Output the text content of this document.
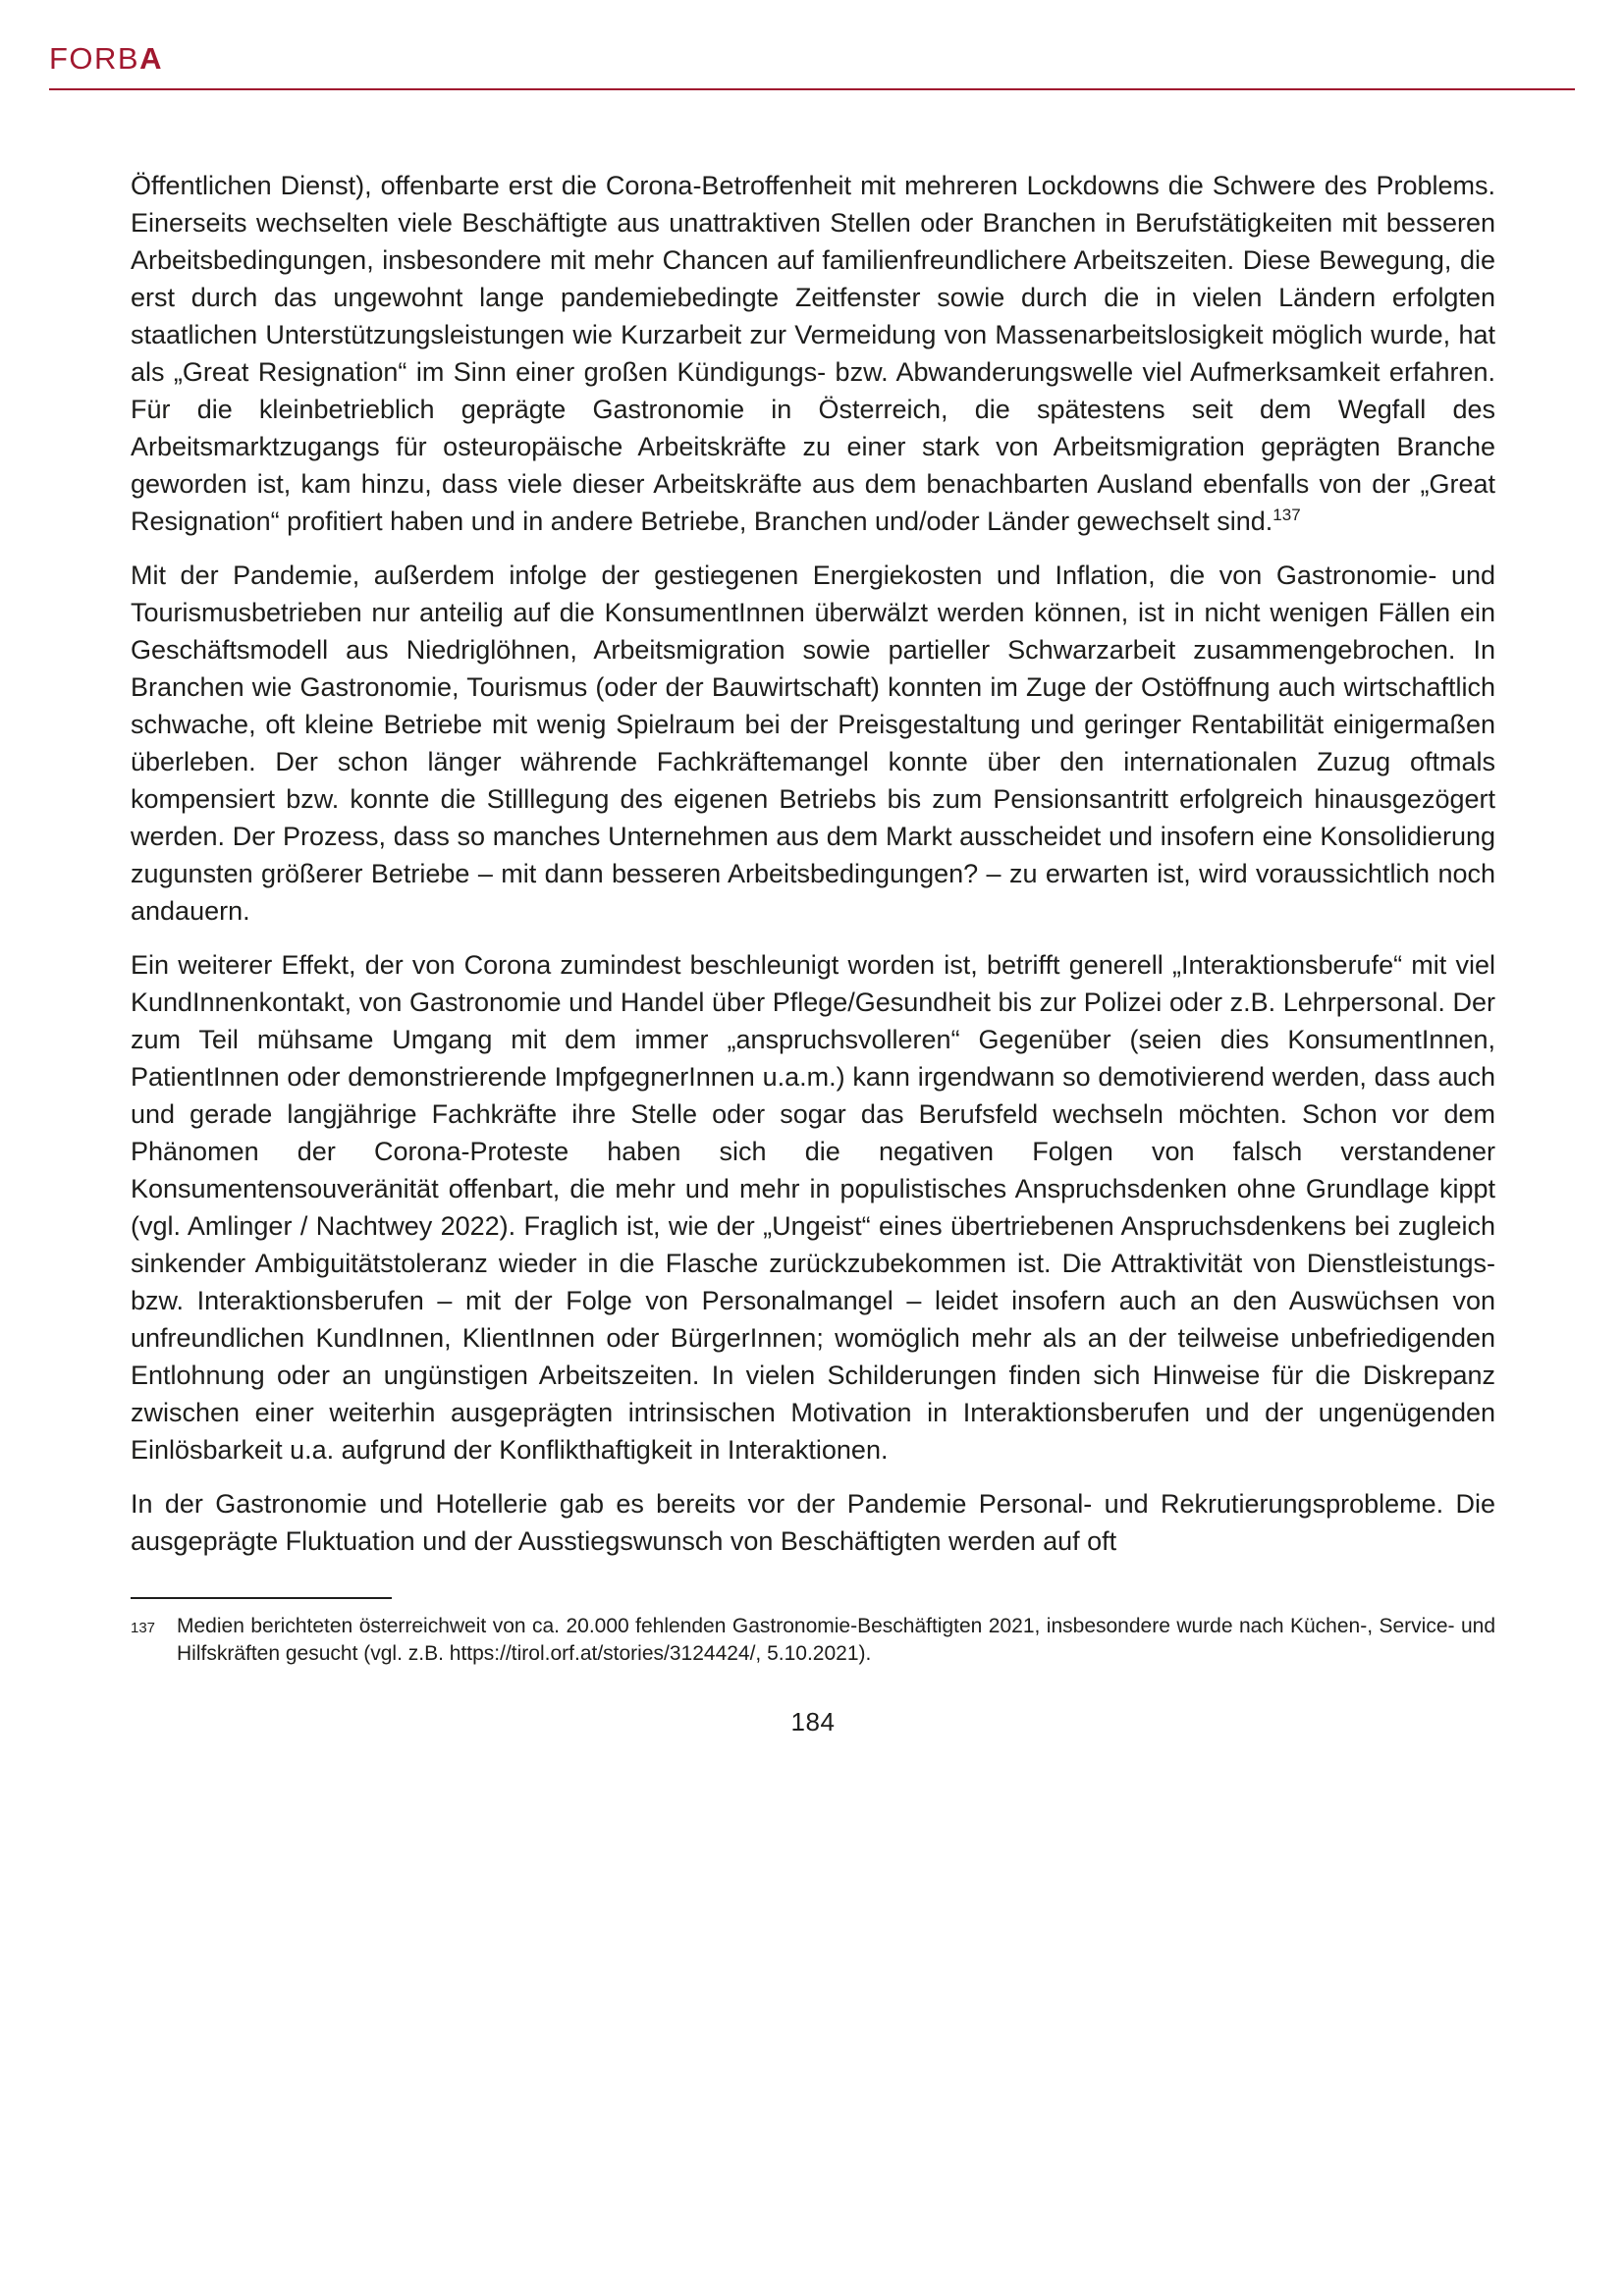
FORBA

Öffentlichen Dienst), offenbarte erst die Corona-Betroffenheit mit mehreren Lockdowns die Schwere des Problems. Einerseits wechselten viele Beschäftigte aus unattraktiven Stellen oder Branchen in Berufstätigkeiten mit besseren Arbeitsbedingungen, insbesondere mit mehr Chancen auf familienfreundlichere Arbeitszeiten. Diese Bewegung, die erst durch das ungewohnt lange pandemiebedingte Zeitfenster sowie durch die in vielen Ländern erfolgten staatlichen Unterstützungsleistungen wie Kurzarbeit zur Vermeidung von Massenarbeitslosigkeit möglich wurde, hat als „Great Resignation“ im Sinn einer großen Kündigungs- bzw. Abwanderungswelle viel Aufmerksamkeit erfahren. Für die kleinbetrieblich geprägte Gastronomie in Österreich, die spätestens seit dem Wegfall des Arbeitsmarktzugangs für osteuropäische Arbeitskräfte zu einer stark von Arbeitsmigration geprägten Branche geworden ist, kam hinzu, dass viele dieser Arbeitskräfte aus dem benachbarten Ausland ebenfalls von der „Great Resignation“ profitiert haben und in andere Betriebe, Branchen und/oder Länder gewechselt sind.$^{137}$

Mit der Pandemie, außerdem infolge der gestiegenen Energiekosten und Inflation, die von Gastronomie- und Tourismusbetrieben nur anteilig auf die KonsumentInnen überwälzt werden können, ist in nicht wenigen Fällen ein Geschäftsmodell aus Niedriglöhnen, Arbeitsmigration sowie partieller Schwarzarbeit zusammengebrochen. In Branchen wie Gastronomie, Tourismus (oder der Bauwirtschaft) konnten im Zuge der Ostöffnung auch wirtschaftlich schwache, oft kleine Betriebe mit wenig Spielraum bei der Preisgestaltung und geringer Rentabilität einigermaßen überleben. Der schon länger währende Fachkräftemangel konnte über den internationalen Zuzug oftmals kompensiert bzw. konnte die Stilllegung des eigenen Betriebs bis zum Pensionsantritt erfolgreich hinausgezögert werden. Der Prozess, dass so manches Unternehmen aus dem Markt ausscheidet und insofern eine Konsolidierung zugunsten größerer Betriebe – mit dann besseren Arbeitsbedingungen? – zu erwarten ist, wird voraussichtlich noch andauern.

Ein weiterer Effekt, der von Corona zumindest beschleunigt worden ist, betrifft generell „Interaktionsberufe“ mit viel KundInnenkontakt, von Gastronomie und Handel über Pflege/Gesundheit bis zur Polizei oder z.B. Lehrpersonal. Der zum Teil mühsame Umgang mit dem immer „anspruchsvolleren“ Gegenüber (seien dies KonsumentInnen, PatientInnen oder demonstrierende ImpfgegnerInnen u.a.m.) kann irgendwann so demotivierend werden, dass auch und gerade langjährige Fachkräfte ihre Stelle oder sogar das Berufsfeld wechseln möchten. Schon vor dem Phänomen der Corona-Proteste haben sich die negativen Folgen von falsch verstandener Konsumentensouveränität offenbart, die mehr und mehr in populistisches Anspruchsdenken ohne Grundlage kippt (vgl. Amlinger / Nachtwey 2022). Fraglich ist, wie der „Ungeist“ eines übertriebenen Anspruchsdenkens bei zugleich sinkender Ambiguitätstoleranz wieder in die Flasche zurückzubekommen ist. Die Attraktivität von Dienstleistungs- bzw. Interaktionsberufen – mit der Folge von Personalmangel – leidet insofern auch an den Auswüchsen von unfreundlichen KundInnen, KlientInnen oder BürgerInnen; womöglich mehr als an der teilweise unbefriedigenden Entlohnung oder an ungünstigen Arbeitszeiten. In vielen Schilderungen finden sich Hinweise für die Diskrepanz zwischen einer weiterhin ausgeprägten intrinsischen Motivation in Interaktionsberufen und der ungenügenden Einlösbarkeit u.a. aufgrund der Konflikthaftigkeit in Interaktionen.

In der Gastronomie und Hotellerie gab es bereits vor der Pandemie Personal- und Rekrutierungsprobleme. Die ausgeprägte Fluktuation und der Ausstiegswunsch von Beschäftigten werden auf oft

137	Medien berichteten österreichweit von ca. 20.000 fehlenden Gastronomie-Beschäftigten 2021, insbesondere wurde nach Küchen-, Service- und Hilfskräften gesucht (vgl. z.B. https://tirol.orf.at/stories/3124424/, 5.10.2021).
184
